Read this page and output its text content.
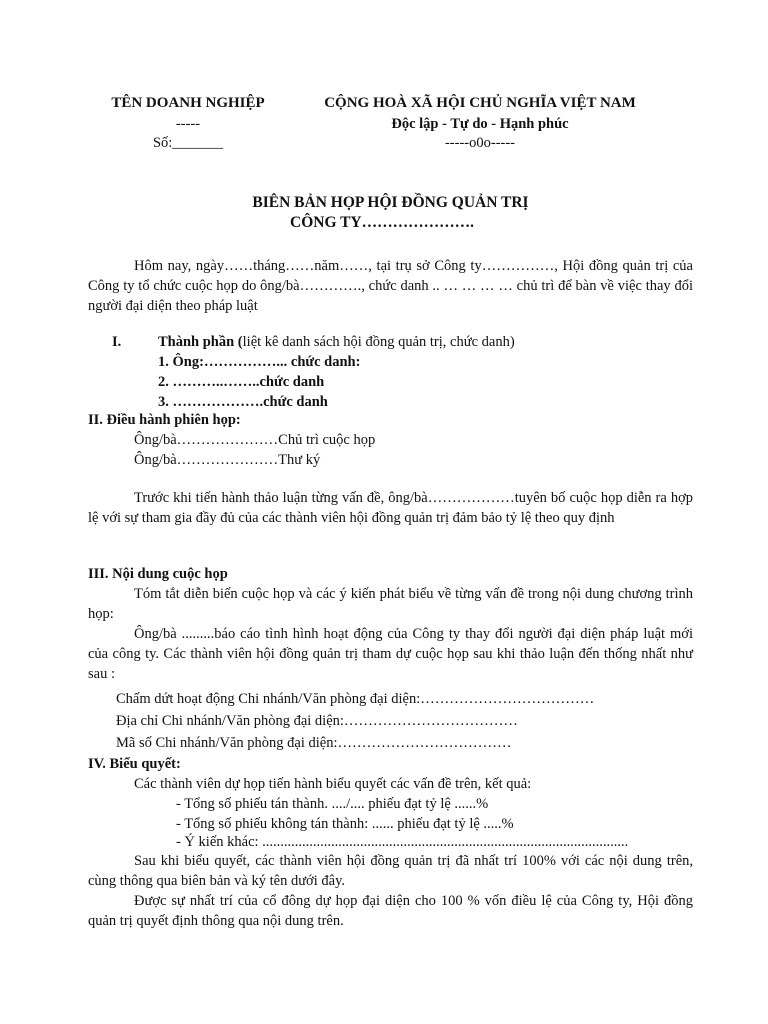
TÊN DOANH NGHIỆP
-----
Số:_______
CỘNG HOÀ XÃ HỘI CHỦ NGHĨA VIỆT NAM
Độc lập - Tự do - Hạnh phúc
-----o0o-----
BIÊN BẢN HỌP HỘI ĐỒNG QUẢN TRỊ
CÔNG TY………………….
Hôm nay, ngày……tháng……năm……, tại trụ sở Công ty……………, Hội đồng quản trị của Công ty tổ chức cuộc họp do ông/bà…………., chức danh .. … … … … chủ trì để bàn về việc thay đổi người đại diện theo pháp luật
I.	Thành phần (liệt kê danh sách hội đồng quản trị, chức danh)
1. Ông:……………... chức danh:
2. ………..……..chức danh
3. ……………….chức danh
II. Điều hành phiên họp:
Ông/bà…………………Chủ trì cuộc họp
Ông/bà…………………Thư ký
Trước khi tiến hành thảo luận từng vấn đề, ông/bà………………tuyên bố cuộc họp diễn ra hợp lệ với sự tham gia đầy đủ của các thành viên hội đồng quản trị đảm bảo tỷ lệ theo quy định
III. Nội dung cuộc họp
Tóm tắt diễn biến cuộc họp và các ý kiến phát biểu về từng vấn đề trong nội dung chương trình họp:
Ông/bà .........báo cáo tình hình hoạt động của Công ty thay đổi người đại diện pháp luật mới của công ty. Các thành viên hội đồng quản trị tham dự cuộc họp sau khi thảo luận đến thống nhất như sau :
Chấm dứt hoạt động Chi nhánh/Văn phòng đại diện:………………………………
Địa chỉ Chi nhánh/Văn phòng đại diện:………………………………
Mã số Chi nhánh/Văn phòng đại diện:………………………………
IV. Biểu quyết:
Các thành viên dự họp tiến hành biểu quyết các vấn đề trên, kết quả:
- Tổng số phiếu tán thành. ..../.... phiếu đạt tỷ lệ ......%
- Tổng số phiếu không tán thành: ...... phiếu đạt tỷ lệ .....%
- Ý kiến khác: .....................................................................................................
Sau khi biểu quyết, các thành viên hội đồng quản trị đã nhất trí 100% với các nội dung trên, cùng thông qua biên bản và ký tên dưới đây.
Được sự nhất trí của cổ đông dự họp đại diện cho 100 % vốn điều lệ của Công ty, Hội đồng quản trị quyết định thông qua nội dung trên.
